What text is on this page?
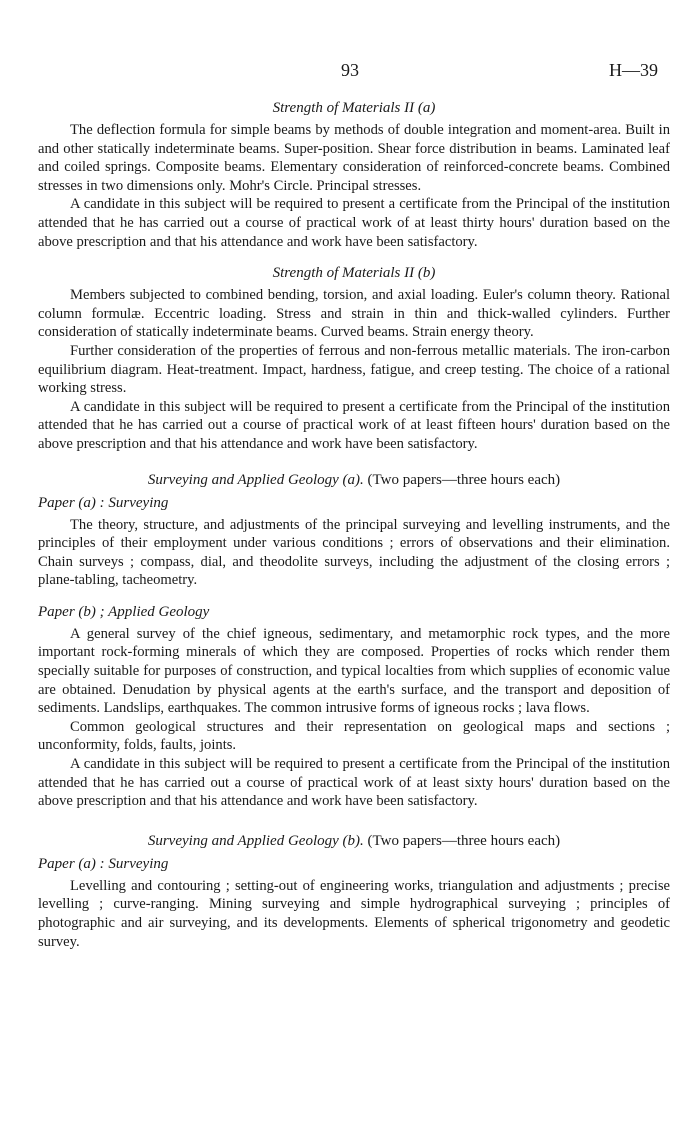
93	H—39
Strength of Materials II (a)

The deflection formula for simple beams by methods of double integration and moment-area. Built in and other statically indeterminate beams. Super-position. Shear force distribution in beams. Laminated leaf and coiled springs. Composite beams. Elementary consideration of reinforced-concrete beams. Combined stresses in two dimensions only. Mohr's Circle. Principal stresses.

A candidate in this subject will be required to present a certificate from the Principal of the institution attended that he has carried out a course of practical work of at least thirty hours' duration based on the above prescription and that his attendance and work have been satisfactory.

Strength of Materials II (b)

Members subjected to combined bending, torsion, and axial loading. Euler's column theory. Rational column formulæ. Eccentric loading. Stress and strain in thin and thick-walled cylinders. Further consideration of statically indeterminate beams. Curved beams. Strain energy theory.

Further consideration of the properties of ferrous and non-ferrous metallic materials. The iron-carbon equilibrium diagram. Heat-treatment. Impact, hardness, fatigue, and creep testing. The choice of a rational working stress.

A candidate in this subject will be required to present a certificate from the Principal of the institution attended that he has carried out a course of practical work of at least fifteen hours' duration based on the above prescription and that his attendance and work have been satisfactory.

Surveying and Applied Geology (a). (Two papers—three hours each)
Paper (a) : Surveying

The theory, structure, and adjustments of the principal surveying and levelling instruments, and the principles of their employment under various conditions ; errors of observations and their elimination. Chain surveys ; compass, dial, and theodolite surveys, including the adjustment of the closing errors ; plane-tabling, tacheometry.

Paper (b) ; Applied Geology

A general survey of the chief igneous, sedimentary, and metamorphic rock types, and the more important rock-forming minerals of which they are composed. Properties of rocks which render them specially suitable for purposes of construction, and typical localties from which supplies of economic value are obtained. Denudation by physical agents at the earth's surface, and the transport and deposition of sediments. Landslips, earthquakes. The common intrusive forms of igneous rocks ; lava flows.

Common geological structures and their representation on geological maps and sections ; unconformity, folds, faults, joints.

A candidate in this subject will be required to present a certificate from the Principal of the institution attended that he has carried out a course of practical work of at least sixty hours' duration based on the above prescription and that his attendance and work have been satisfactory.

Surveying and Applied Geology (b). (Two papers—three hours each)
Paper (a) : Surveying

Levelling and contouring ; setting-out of engineering works, triangulation and adjustments ; precise levelling ; curve-ranging. Mining surveying and simple hydrographical surveying ; principles of photographic and air surveying, and its developments. Elements of spherical trigonometry and geodetic survey.
